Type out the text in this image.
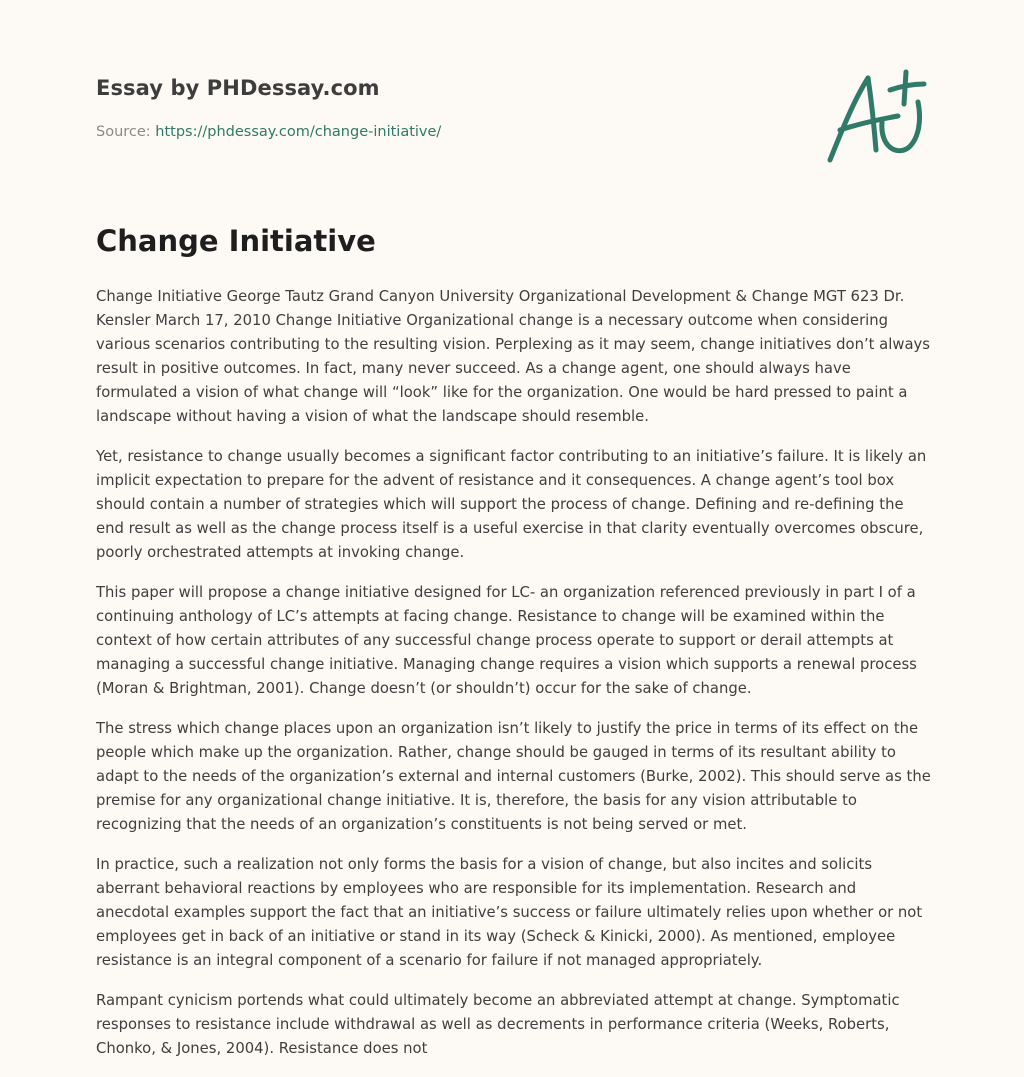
Essay by PHDessay.com
Source: https://phdessay.com/change-initiative/
Change Initiative

Change Initiative George Tautz Grand Canyon University Organizational Development & Change MGT 623 Dr. Kensler March 17, 2010 Change Initiative Organizational change is a necessary outcome when considering various scenarios contributing to the resulting vision. Perplexing as it may seem, change initiatives don’t always result in positive outcomes. In fact, many never succeed. As a change agent, one should always have formulated a vision of what change will “look” like for the organization. One would be hard pressed to paint a landscape without having a vision of what the landscape should resemble.

Yet, resistance to change usually becomes a significant factor contributing to an initiative’s failure. It is likely an implicit expectation to prepare for the advent of resistance and it consequences. A change agent’s tool box should contain a number of strategies which will support the process of change. Defining and re-defining the end result as well as the change process itself is a useful exercise in that clarity eventually overcomes obscure, poorly orchestrated attempts at invoking change.

This paper will propose a change initiative designed for LC- an organization referenced previously in part I of a continuing anthology of LC’s attempts at facing change. Resistance to change will be examined within the context of how certain attributes of any successful change process operate to support or derail attempts at managing a successful change initiative. Managing change requires a vision which supports a renewal process (Moran & Brightman, 2001). Change doesn’t (or shouldn’t) occur for the sake of change.

The stress which change places upon an organization isn’t likely to justify the price in terms of its effect on the people which make up the organization. Rather, change should be gauged in terms of its resultant ability to adapt to the needs of the organization’s external and internal customers (Burke, 2002). This should serve as the premise for any organizational change initiative. It is, therefore, the basis for any vision attributable to recognizing that the needs of an organization’s constituents is not being served or met.

In practice, such a realization not only forms the basis for a vision of change, but also incites and solicits aberrant behavioral reactions by employees who are responsible for its implementation. Research and anecdotal examples support the fact that an initiative’s success or failure ultimately relies upon whether or not employees get in back of an initiative or stand in its way (Scheck & Kinicki, 2000). As mentioned, employee resistance is an integral component of a scenario for failure if not managed appropriately.

Rampant cynicism portends what could ultimately become an abbreviated attempt at change. Symptomatic responses to resistance include withdrawal as well as decrements in performance criteria (Weeks, Roberts, Chonko, & Jones, 2004). Resistance does not
